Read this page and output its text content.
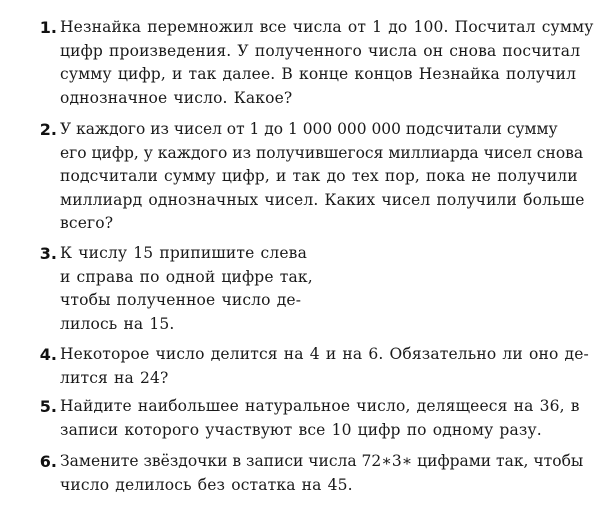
1. Незнайка перемножил все числа от 1 до 100. Посчитал сумму
цифр произведения. У полученного числа он снова посчитал
сумму цифр, и так далее. В конце концов Незнайка получил
однозначное число. Какое?
2. У каждого из чисел от 1 до 1 000 000 000 подсчитали сумму
его цифр, у каждого из получившегося миллиарда чисел снова
подсчитали сумму цифр, и так до тех пор, пока не получили
миллиард однозначных чисел. Каких чисел получили больше
всего?
3. К числу 15 припишите слева
и справа по одной цифре так,
чтобы полученное число де-
лилось на 15.
4. Некоторое число делится на 4 и на 6. Обязательно ли оно де-
лится на 24?
5. Найдите наибольшее натуральное число, делящееся на 36, в
записи которого участвуют все 10 цифр по одному разу.
6. Замените звёздочки в записи числа 72∗3∗ цифрами так, чтобы
число делилось без остатка на 45.
